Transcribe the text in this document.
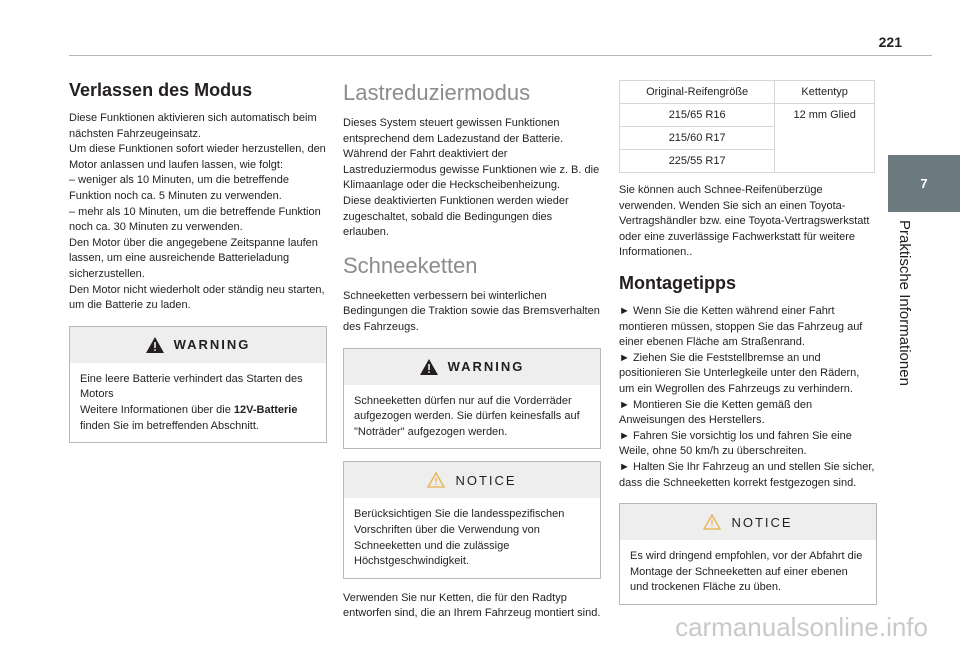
221
7
Praktische Informationen
Verlassen des Modus

Diese Funktionen aktivieren sich automatisch beim nächsten Fahrzeugeinsatz.

Um diese Funktionen sofort wieder herzustellen, den Motor anlassen und laufen lassen, wie folgt:

– weniger als 10 Minuten, um die betreffende Funktion noch ca. 5 Minuten zu verwenden.

– mehr als 10 Minuten, um die betreffende Funktion noch ca. 30 Minuten zu verwenden.

Den Motor über die angegebene Zeitspanne laufen lassen, um eine ausreichende Batterieladung sicherzustellen.

Den Motor nicht wiederholt oder ständig neu starten, um die Batterie zu laden.

WARNING
Eine leere Batterie verhindert das Starten des Motors
Weitere Informationen über die 12V-Batterie finden Sie im betreffenden Abschnitt.
Lastreduziermodus

Dieses System steuert gewissen Funktionen entsprechend dem Ladezustand der Batterie.

Während der Fahrt deaktiviert der Lastreduziermodus gewisse Funktionen wie z. B. die Klimaanlage oder die Heckscheibenheizung.

Diese deaktivierten Funktionen werden wieder zugeschaltet, sobald die Bedingungen dies erlauben.

Schneeketten

Schneeketten verbessern bei winterlichen Bedingungen die Traktion sowie das Bremsverhalten des Fahrzeugs.

WARNING
Schneeketten dürfen nur auf die Vorderräder aufgezogen werden. Sie dürfen keinesfalls auf "Noträder" aufgezogen werden.
NOTICE
Berücksichtigen Sie die landesspezifischen Vorschriften über die Verwendung von Schneeketten und die zulässige Höchstgeschwindigkeit.

Verwenden Sie nur Ketten, die für den Radtyp entworfen sind, die an Ihrem Fahrzeug montiert sind.

Original-Reifengröße	Kettentyp
215/65 R16	12 mm Glied
215/60 R17	
225/55 R17	

Sie können auch Schnee-Reifenüberzüge verwenden. Wenden Sie sich an einen Toyota-Vertragshändler bzw. eine Toyota-Vertragswerkstatt oder eine zuverlässige Fachwerkstatt für weitere Informationen..

Montagetipps

► Wenn Sie die Ketten während einer Fahrt montieren müssen, stoppen Sie das Fahrzeug auf einer ebenen Fläche am Straßenrand.

► Ziehen Sie die Feststellbremse an und positionieren Sie Unterlegkeile unter den Rädern, um ein Wegrollen des Fahrzeugs zu verhindern.

► Montieren Sie die Ketten gemäß den Anweisungen des Herstellers.

► Fahren Sie vorsichtig los und fahren Sie eine Weile, ohne 50 km/h zu überschreiten.

► Halten Sie Ihr Fahrzeug an und stellen Sie sicher, dass die Schneeketten korrekt festgezogen sind.

NOTICE
Es wird dringend empfohlen, vor der Abfahrt die Montage der Schneeketten auf einer ebenen und trockenen Fläche zu üben.
carmanualsonline.info
